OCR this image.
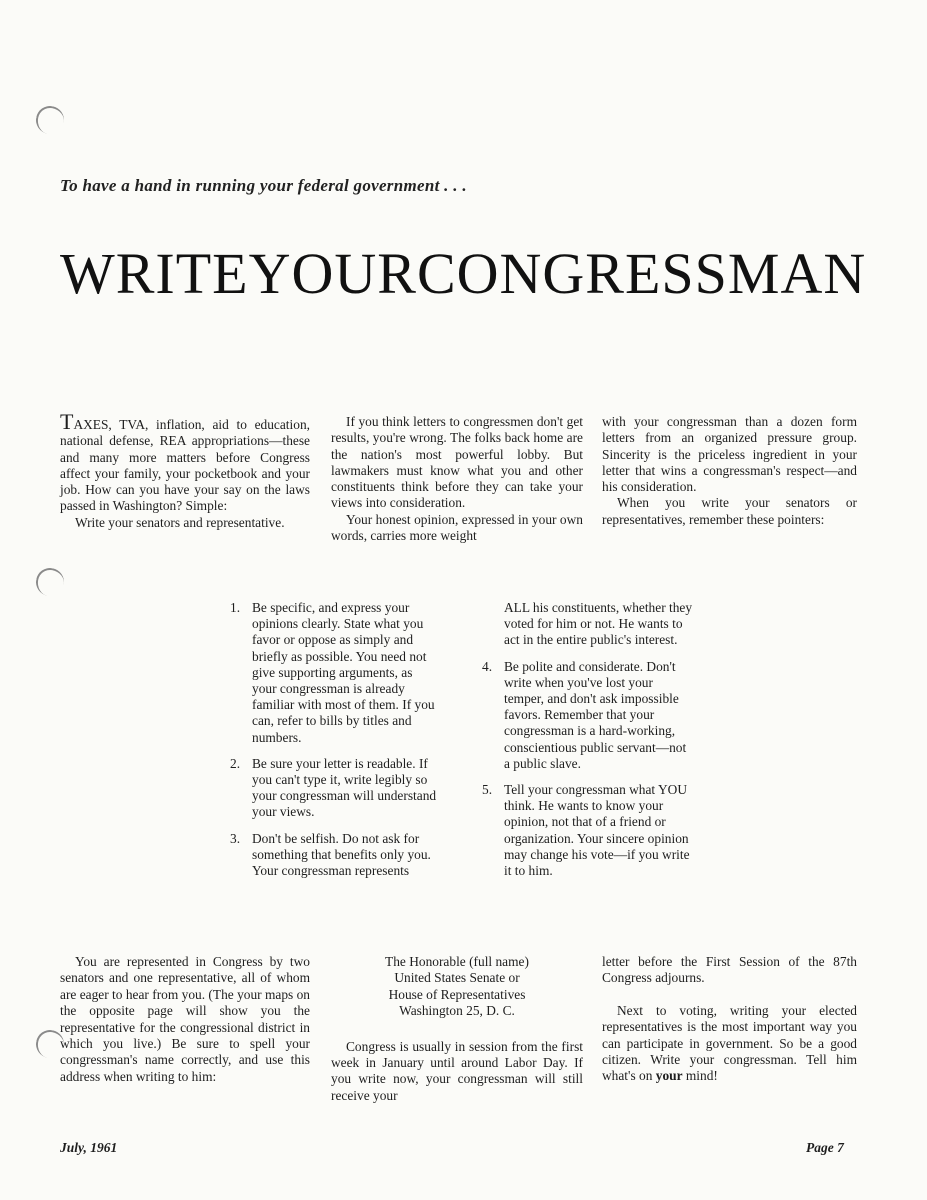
To have a hand in running your federal government . . .
WRITE YOUR CONGRESSMAN

TAXES, TVA, inflation, aid to education, national defense, REA appropriations—these and many more matters before Congress affect your family, your pocketbook and your job. How can you have your say on the laws passed in Washington? Simple:

Write your senators and representative.

If you think letters to congressmen don't get results, you're wrong. The folks back home are the nation's most powerful lobby. But lawmakers must know what you and other constituents think before they can take your views into consideration.

Your honest opinion, expressed in your own words, carries more weight

with your congressman than a dozen form letters from an organized pressure group. Sincerity is the priceless ingredient in your letter that wins a congressman's respect—and his consideration.

When you write your senators or representatives, remember these pointers:

1. Be specific, and express your opinions clearly. State what you favor or oppose as simply and briefly as possible. You need not give supporting arguments, as your congressman is already familiar with most of them. If you can, refer to bills by titles and numbers.
2. Be sure your letter is readable. If you can't type it, write legibly so your congressman will understand your views.
3. Don't be selfish. Do not ask for something that benefits only you. Your congressman represents
ALL his constituents, whether they voted for him or not. He wants to act in the entire public's interest.
4. Be polite and considerate. Don't write when you've lost your temper, and don't ask impossible favors. Remember that your congressman is a hard-working, conscientious public servant—not a public slave.
5. Tell your congressman what YOU think. He wants to know your opinion, not that of a friend or organization. Your sincere opinion may change his vote—if you write it to him.

You are represented in Congress by two senators and one representative, all of whom are eager to hear from you. (The your maps on the opposite page will show you the representative for the congressional district in which you live.) Be sure to spell your congressman's name correctly, and use this address when writing to him:

The Honorable (full name)
United States Senate or
House of Representatives
Washington 25, D. C.

Congress is usually in session from the first week in January until around Labor Day. If you write now, your congressman will still receive your

letter before the First Session of the 87th Congress adjourns.

Next to voting, writing your elected representatives is the most important way you can participate in government. So be a good citizen. Write your congressman. Tell him what's on your mind!

July, 1961	Page 7
